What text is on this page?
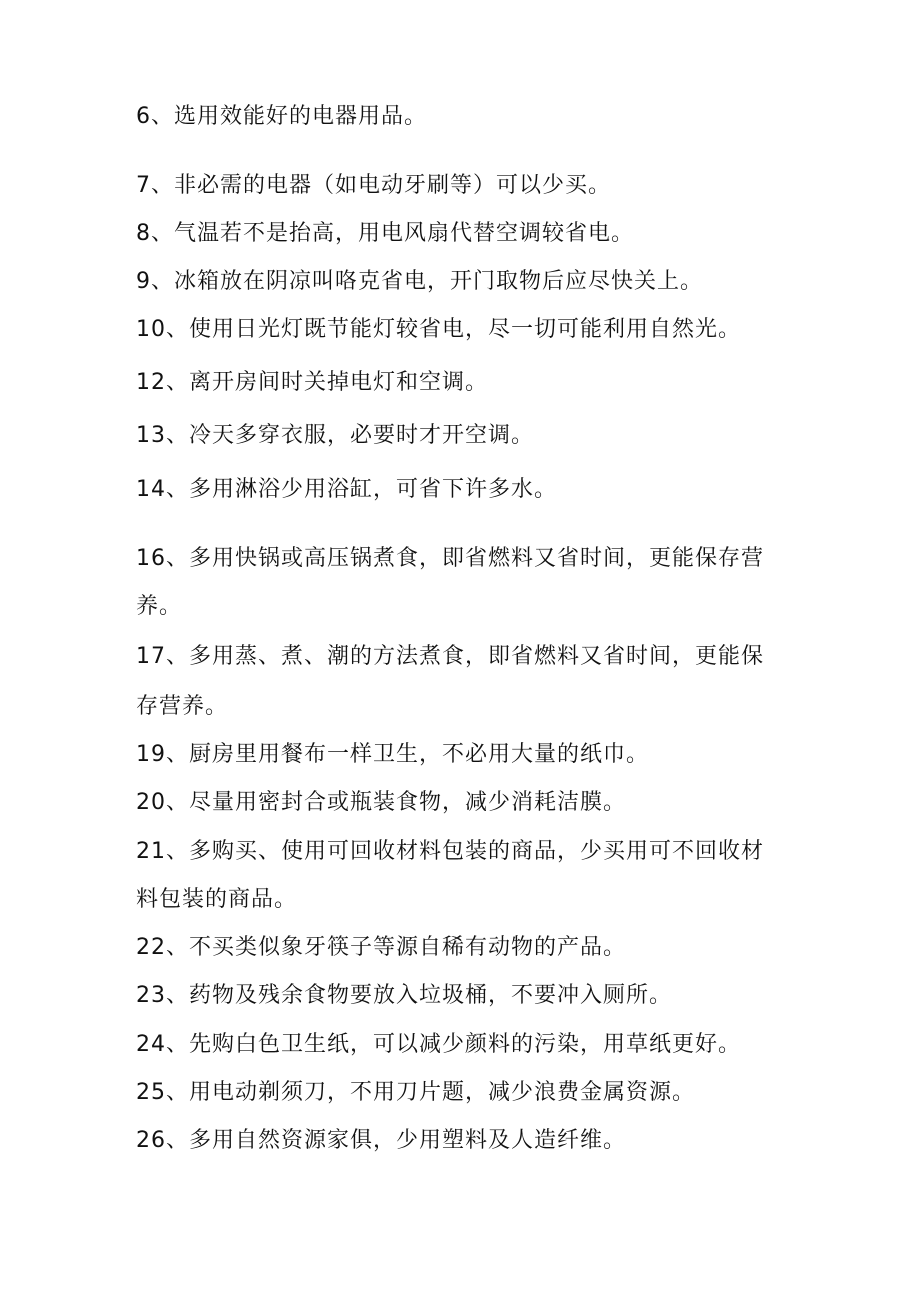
6、选用效能好的电器用品。
7、非必需的电器（如电动牙刷等）可以少买。
8、气温若不是抬高，用电风扇代替空调较省电。
9、冰箱放在阴凉叫咯克省电，开门取物后应尽快关上。
10、使用日光灯既节能灯较省电，尽一切可能利用自然光。
12、离开房间时关掉电灯和空调。
13、冷天多穿衣服，必要时才开空调。
14、多用淋浴少用浴缸，可省下许多水。
16、多用快锅或高压锅煮食，即省燃料又省时间，更能保存营
养。
17、多用蒸、煮、潮的方法煮食，即省燃料又省时间，更能保
存营养。
19、厨房里用餐布一样卫生，不必用大量的纸巾。
20、尽量用密封合或瓶装食物，减少消耗洁膜。
21、多购买、使用可回收材料包装的商品，少买用可不回收材
料包装的商品。
22、不买类似象牙筷子等源自稀有动物的产品。
23、药物及残余食物要放入垃圾桶，不要冲入厕所。
24、先购白色卫生纸，可以减少颜料的污染，用草纸更好。
25、用电动剃须刀，不用刀片题，减少浪费金属资源。
26、多用自然资源家俱，少用塑料及人造纤维。
